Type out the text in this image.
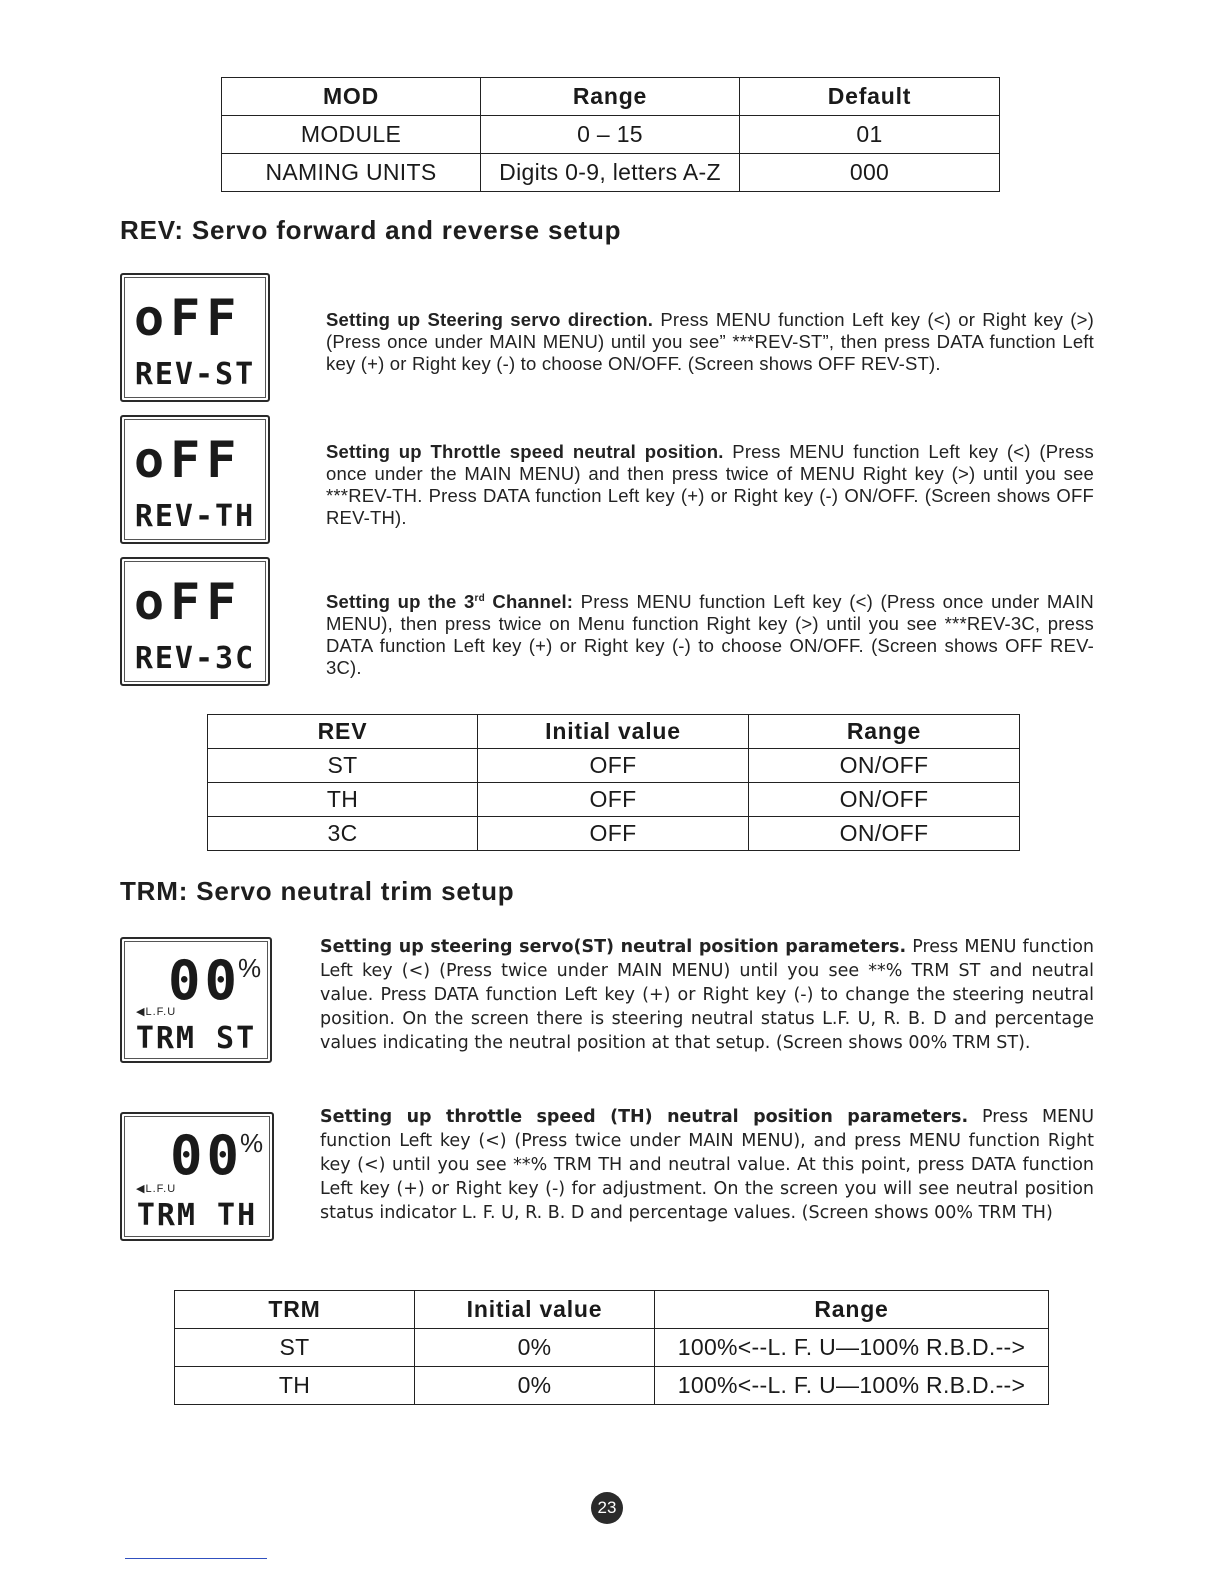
MOD	Range	Default
MODULE	0 – 15	01
NAMING UNITS	Digits 0-9, letters A-Z	000
REV: Servo forward and reverse setup
oFF
REV-ST
oFF
REV-TH
oFF
REV-3C
Setting up Steering servo direction. Press MENU function Left key (<) or Right key (>) (Press once under MAIN MENU) until you see” ***REV-ST”, then press DATA function Left key (+) or Right key (-) to choose ON/OFF. (Screen shows OFF REV-ST).
Setting up Throttle speed neutral position. Press MENU function Left key (<) (Press once under the MAIN MENU) and then press twice of MENU Right key (>) until you see ***REV-TH. Press DATA function Left key (+) or Right key (-) ON/OFF. (Screen shows OFF REV-TH).
Setting up the 3rd Channel: Press MENU function Left key (<) (Press once under MAIN MENU), then press twice on Menu function Right key (>) until you see ***REV-3C, press DATA function Left key (+) or Right key (-) to choose ON/OFF. (Screen shows OFF REV-3C).
REV	Initial value	Range
ST	OFF	ON/OFF
TH	OFF	ON/OFF
3C	OFF	ON/OFF
TRM: Servo neutral trim setup
00
%
◀L.F.U
TRM ST
00
%
◀L.F.U
TRM TH
Setting up steering servo(ST) neutral position parameters. Press MENU function Left key (<) (Press twice under MAIN MENU) until you see **% TRM ST and neutral value. Press DATA function Left key (+) or Right key (-) to change the steering neutral position. On the screen there is steering neutral status L.F. U, R. B. D and percentage values indicating the neutral position at that setup. (Screen shows 00% TRM ST).
Setting up throttle speed (TH) neutral position parameters. Press MENU function Left key (<) (Press twice under MAIN MENU), and press MENU function Right key (<) until you see **% TRM TH and neutral value. At this point, press DATA function Left key (+) or Right key (-) for adjustment. On the screen you will see neutral position status indicator L. F. U, R. B. D and percentage values. (Screen shows 00% TRM TH)
TRM	Initial value	Range
ST	0%	100%<--L. F. U—100% R.B.D.-->
TH	0%	100%<--L. F. U—100% R.B.D.-->
23
